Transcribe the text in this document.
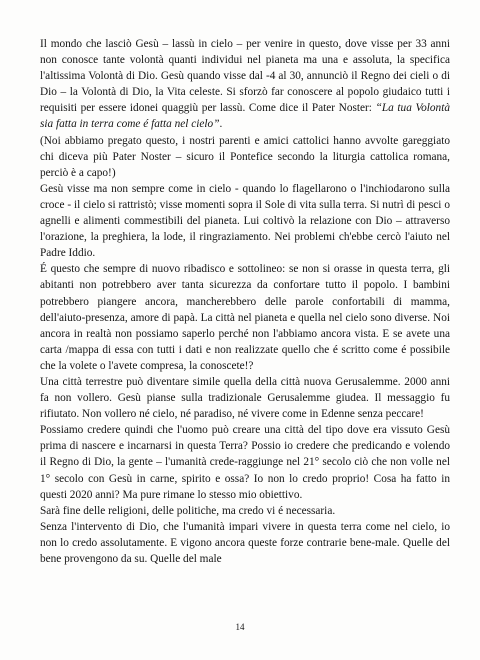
Il mondo che lasciò Gesù – lassù in cielo – per venire in questo, dove visse per 33 anni non conosce tante volontà quanti individui nel pianeta ma una e assoluta, la specifica l'altissima Volontà di Dio. Gesù quando visse dal -4 al 30, annunciò il Regno dei cieli o di Dio – la Volontà di Dio, la Vita celeste. Si sforzò far conoscere al popolo giudaico tutti i requisiti per essere idonei quaggiù per lassù. Come dice il Pater Noster: “La tua Volontà sia fatta in terra come é fatta nel cielo”.

(Noi abbiamo pregato questo, i nostri parenti e amici cattolici hanno avvolte gareggiato chi diceva più Pater Noster – sicuro il Pontefice secondo la liturgia cattolica romana, perciò è a capo!)

Gesù visse ma non sempre come in cielo - quando lo flagellarono o l'inchiodarono sulla croce - il cielo si rattristò; visse momenti sopra il Sole di vita sulla terra. Si nutrì di pesci o agnelli e alimenti commestibili del pianeta. Lui coltivò la relazione con Dio – attraverso l'orazione, la preghiera, la lode, il ringraziamento. Nei problemi ch'ebbe cercò l'aiuto nel Padre Iddio.

É questo che sempre di nuovo ribadisco e sottolineo: se non si orasse in questa terra, gli abitanti non potrebbero aver tanta sicurezza da confortare tutto il popolo. I bambini potrebbero piangere ancora, mancherebbero delle parole confortabili di mamma, dell'aiuto-presenza, amore di papà. La città nel pianeta e quella nel cielo sono diverse. Noi ancora in realtà non possiamo saperlo perché non l'abbiamo ancora vista. E se avete una carta /mappa di essa con tutti i dati e non realizzate quello che é scritto come é possibile che la volete o l'avete compresa, la conoscete!?

Una città terrestre può diventare simile quella della città nuova Gerusalemme. 2000 anni fa non vollero. Gesù pianse sulla tradizionale Gerusalemme giudea. Il messaggio fu rifiutato. Non vollero né cielo, né paradiso, né vivere come in Edenne senza peccare!

Possiamo credere quindi che l'uomo può creare una città del tipo dove era vissuto Gesù prima di nascere e incarnarsi in questa Terra? Possio io credere che predicando e volendo il Regno di Dio, la gente – l'umanità crede-raggiunge nel 21° secolo ciò che non volle nel 1° secolo con Gesù in carne, spirito e ossa? Io non lo credo proprio! Cosa ha fatto in questi 2020 anni? Ma pure rimane lo stesso mio obiettivo.

Sarà fine delle religioni, delle politiche, ma credo vi é necessaria.

Senza l'intervento di Dio, che l'umanità impari vivere in questa terra come nel cielo, io non lo credo assolutamente. E vigono ancora queste forze contrarie bene-male. Quelle del bene provengono da su. Quelle del male

14
